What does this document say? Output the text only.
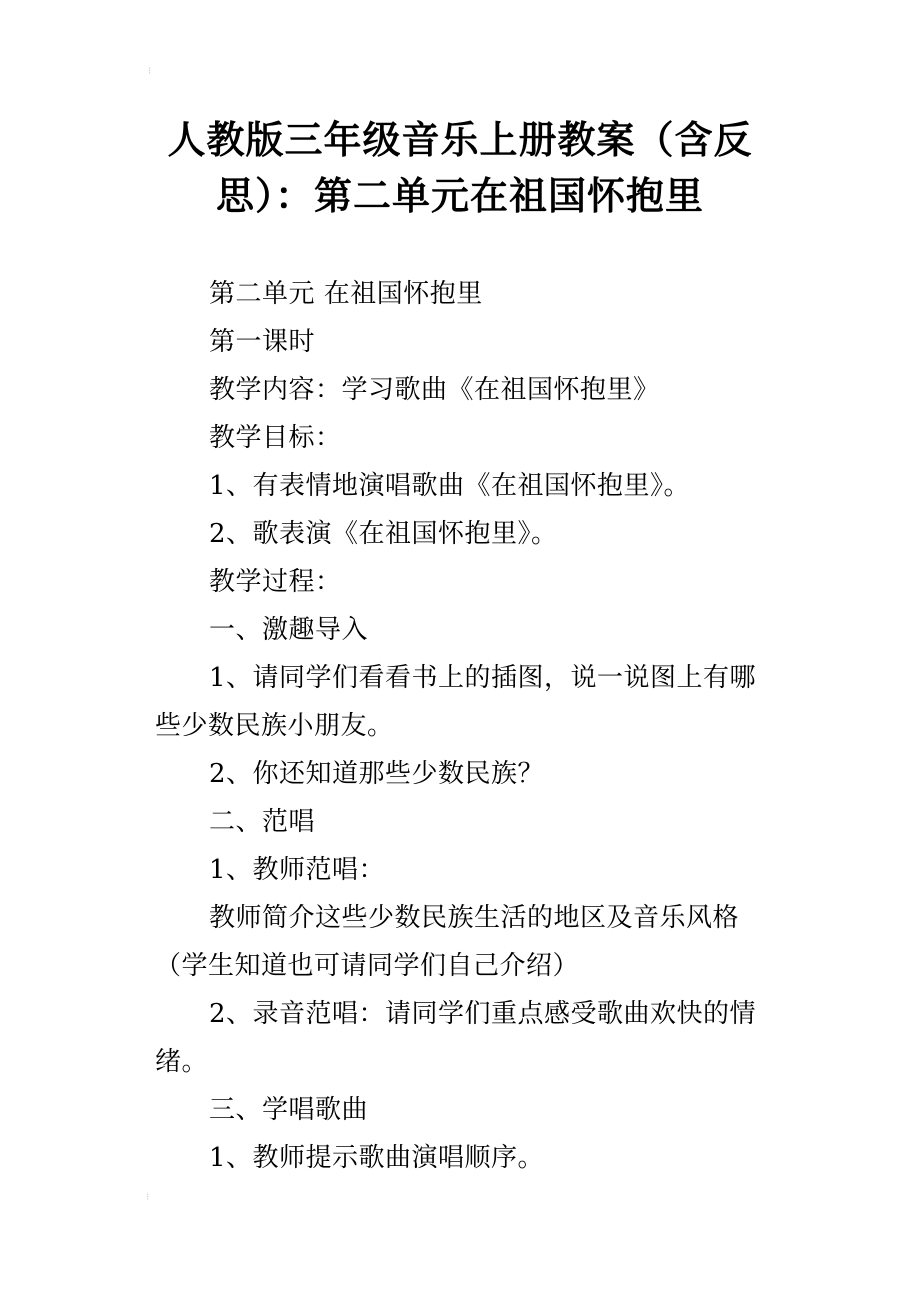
⁝
人教版三年级音乐上册教案（含反
思）：第二单元在祖国怀抱里

第二单元 在祖国怀抱里

第一课时

教学内容：学习歌曲《在祖国怀抱里》

教学目标：

1、有表情地演唱歌曲《在祖国怀抱里》。

2、歌表演《在祖国怀抱里》。

教学过程：

一、激趣导入

1、请同学们看看书上的插图，说一说图上有哪些少数民族小朋友。

2、你还知道那些少数民族？

二、范唱

1、教师范唱：

教师简介这些少数民族生活的地区及音乐风格（学生知道也可请同学们自己介绍）

2、录音范唱：请同学们重点感受歌曲欢快的情绪。

三、学唱歌曲

1、教师提示歌曲演唱顺序。

⁝
